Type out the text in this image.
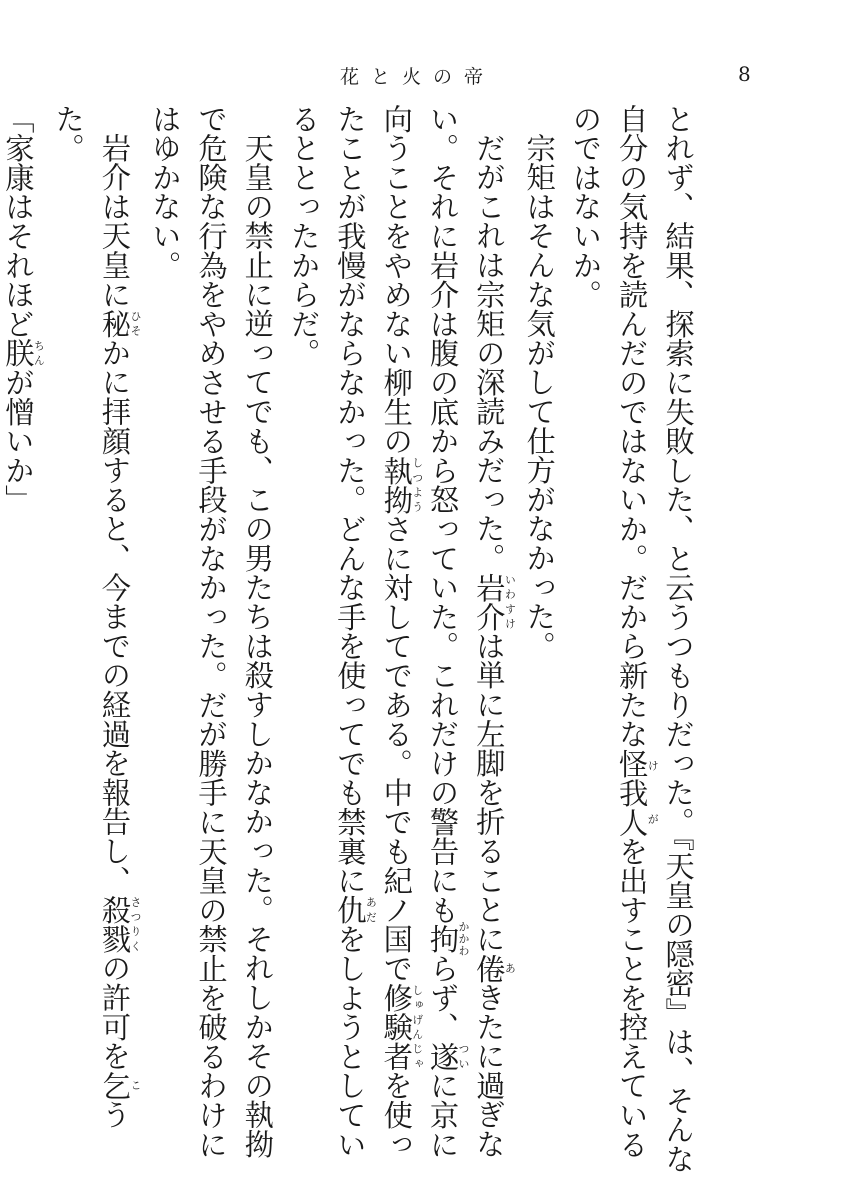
花と火の帝	8

とれず、結果、探索に失敗した、と云うつもりだった。『天皇の隠密』は、そんな自分の気持を読んだのではないか。だから新たな怪我人けがを出すことを控えているのではないか。

宗矩はそんな気がして仕方がなかった。

だがこれは宗矩の深読みだった。岩介いわすけは単に左脚を折ることに倦あきたに過ぎない。それに岩介は腹の底から怒っていた。これだけの警告にも拘かかわらず、遂ついに京に向うことをやめない柳生の執拗しつようさに対してである。中でも紀ノ国で修験者しゅげんじゃを使ったことが我慢がならなかった。どんな手を使ってでも禁裏に仇あだをしようとしているととったからだ。

天皇の禁止に逆ってでも、この男たちは殺すしかなかった。それしかその執拗で危険な行為をやめさせる手段がなかった。だが勝手に天皇の禁止を破るわけにはゆかない。

岩介は天皇に秘ひそかに拝顔すると、今までの経過を報告し、殺戮さつりくの許可を乞こうた。

「家康はそれほど朕ちんが憎いか」
